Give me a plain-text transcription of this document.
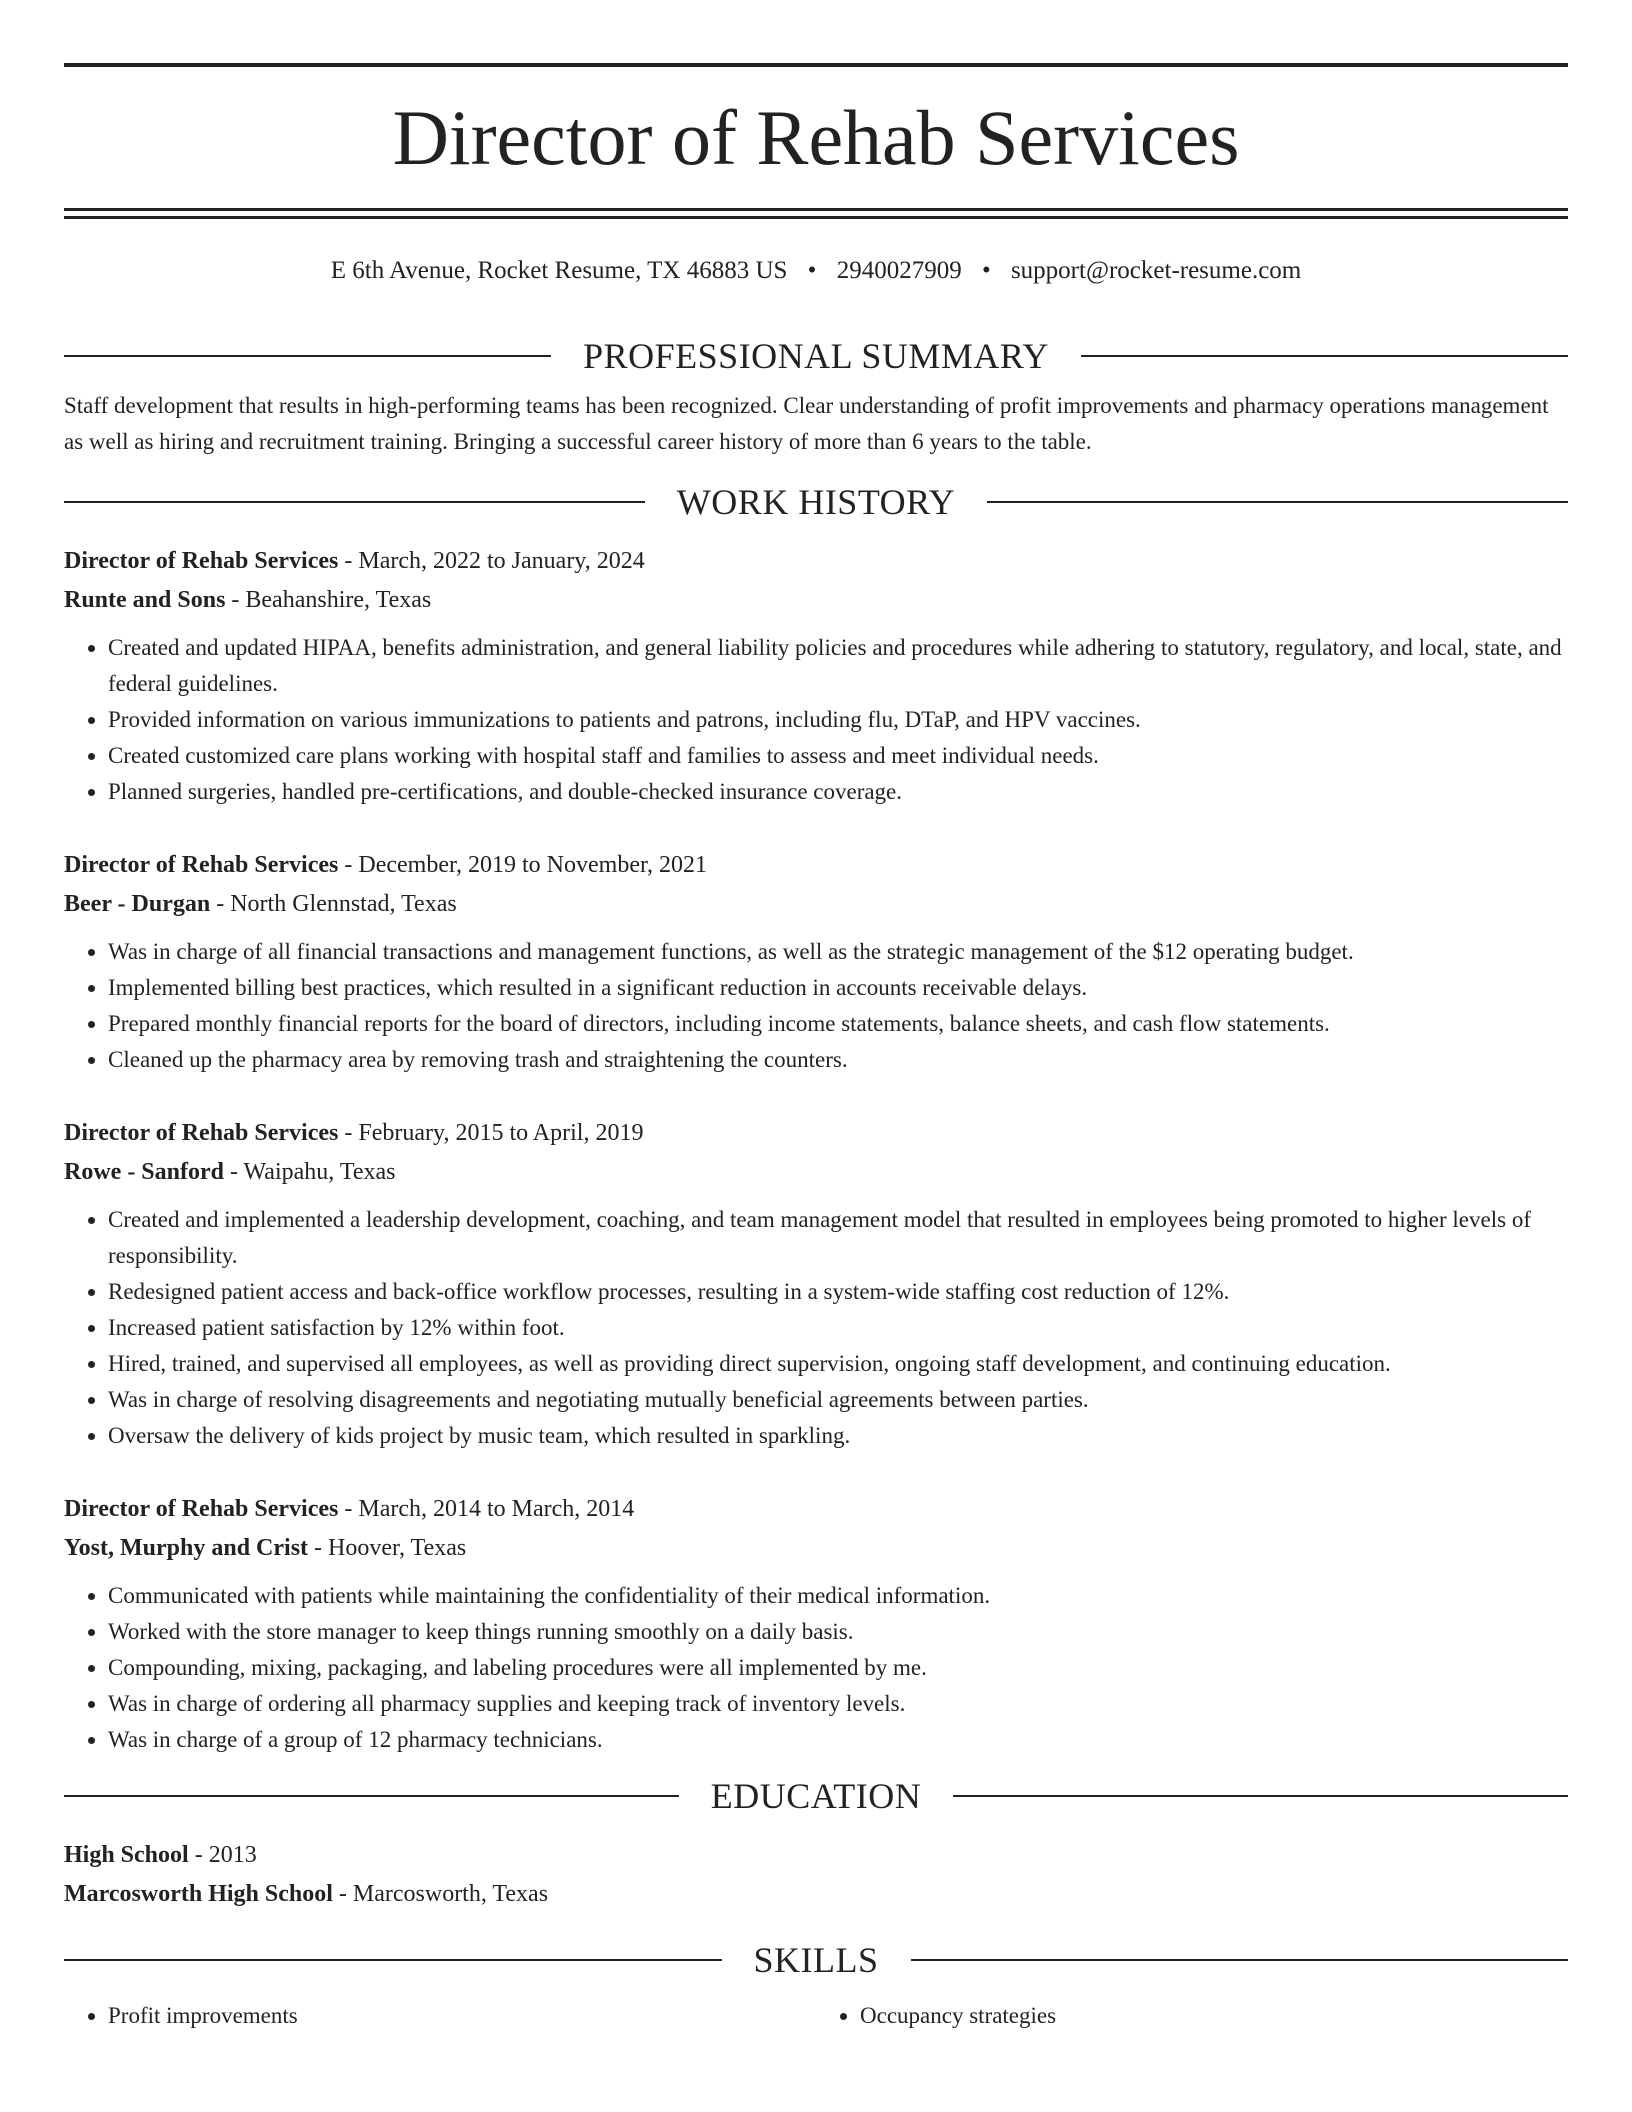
Director of Rehab Services
E 6th Avenue, Rocket Resume, TX 46883 US • 2940027909 • support@rocket-resume.com
PROFESSIONAL SUMMARY
Staff development that results in high-performing teams has been recognized. Clear understanding of profit improvements and pharmacy operations management as well as hiring and recruitment training. Bringing a successful career history of more than 6 years to the table.
WORK HISTORY
Director of Rehab Services - March, 2022 to January, 2024
Runte and Sons - Beahanshire, Texas
• Created and updated HIPAA, benefits administration, and general liability policies and procedures while adhering to statutory, regulatory, and local, state, and federal guidelines.
• Provided information on various immunizations to patients and patrons, including flu, DTaP, and HPV vaccines.
• Created customized care plans working with hospital staff and families to assess and meet individual needs.
• Planned surgeries, handled pre-certifications, and double-checked insurance coverage.
Director of Rehab Services - December, 2019 to November, 2021
Beer - Durgan - North Glennstad, Texas
• Was in charge of all financial transactions and management functions, as well as the strategic management of the $12 operating budget.
• Implemented billing best practices, which resulted in a significant reduction in accounts receivable delays.
• Prepared monthly financial reports for the board of directors, including income statements, balance sheets, and cash flow statements.
• Cleaned up the pharmacy area by removing trash and straightening the counters.
Director of Rehab Services - February, 2015 to April, 2019
Rowe - Sanford - Waipahu, Texas
• Created and implemented a leadership development, coaching, and team management model that resulted in employees being promoted to higher levels of responsibility.
• Redesigned patient access and back-office workflow processes, resulting in a system-wide staffing cost reduction of 12%.
• Increased patient satisfaction by 12% within foot.
• Hired, trained, and supervised all employees, as well as providing direct supervision, ongoing staff development, and continuing education.
• Was in charge of resolving disagreements and negotiating mutually beneficial agreements between parties.
• Oversaw the delivery of kids project by music team, which resulted in sparkling.
Director of Rehab Services - March, 2014 to March, 2014
Yost, Murphy and Crist - Hoover, Texas
• Communicated with patients while maintaining the confidentiality of their medical information.
• Worked with the store manager to keep things running smoothly on a daily basis.
• Compounding, mixing, packaging, and labeling procedures were all implemented by me.
• Was in charge of ordering all pharmacy supplies and keeping track of inventory levels.
• Was in charge of a group of 12 pharmacy technicians.
EDUCATION
High School - 2013
Marcosworth High School - Marcosworth, Texas
SKILLS
• Profit improvements
•	Occupancy strategies
